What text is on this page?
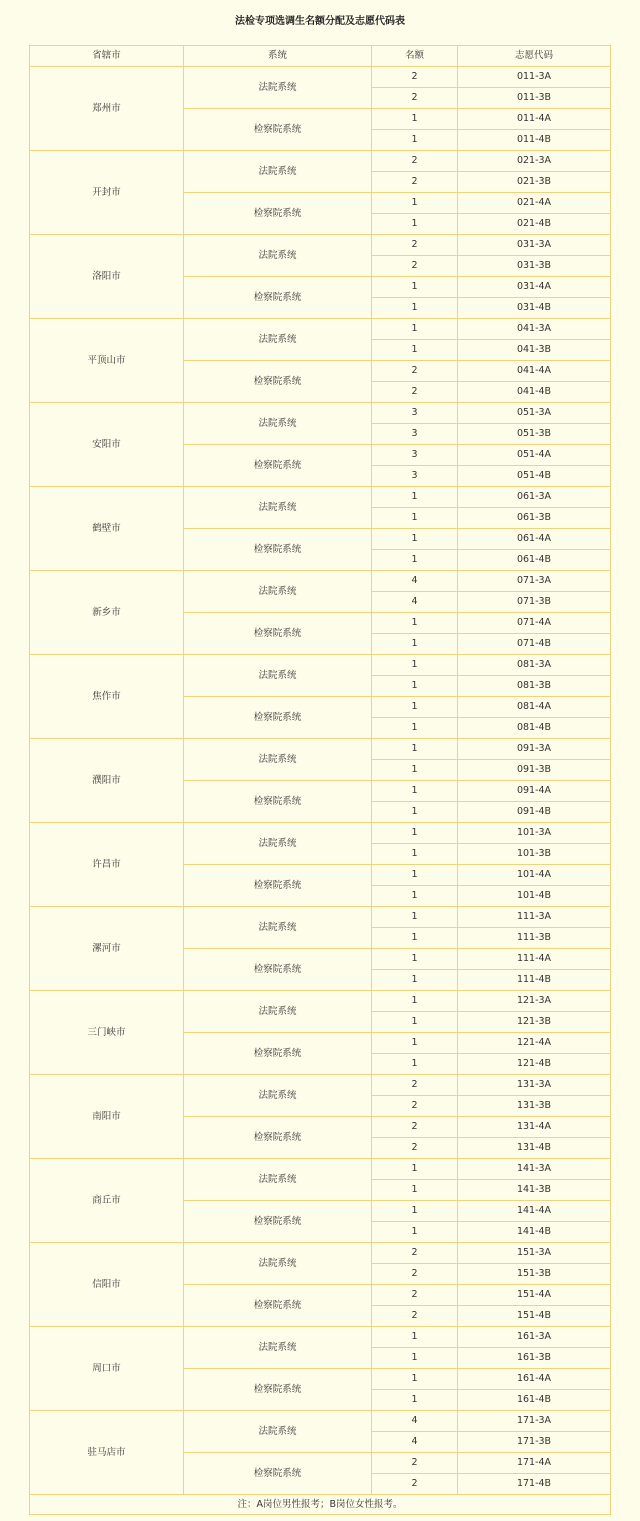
法检专项选调生名额分配及志愿代码表
省辖市	系统	名额	志愿代码
郑州市	法院系统	2	011-3A
		2	011-3B
	检察院系统	1	011-4A
		1	011-4B
开封市	法院系统	2	021-3A
		2	021-3B
	检察院系统	1	021-4A
		1	021-4B
洛阳市	法院系统	2	031-3A
		2	031-3B
	检察院系统	1	031-4A
		1	031-4B
平顶山市	法院系统	1	041-3A
		1	041-3B
	检察院系统	2	041-4A
		2	041-4B
安阳市	法院系统	3	051-3A
		3	051-3B
	检察院系统	3	051-4A
		3	051-4B
鹤壁市	法院系统	1	061-3A
		1	061-3B
	检察院系统	1	061-4A
		1	061-4B
新乡市	法院系统	4	071-3A
		4	071-3B
	检察院系统	1	071-4A
		1	071-4B
焦作市	法院系统	1	081-3A
		1	081-3B
	检察院系统	1	081-4A
		1	081-4B
濮阳市	法院系统	1	091-3A
		1	091-3B
	检察院系统	1	091-4A
		1	091-4B
许昌市	法院系统	1	101-3A
		1	101-3B
	检察院系统	1	101-4A
		1	101-4B
漯河市	法院系统	1	111-3A
		1	111-3B
	检察院系统	1	111-4A
		1	111-4B
三门峡市	法院系统	1	121-3A
		1	121-3B
	检察院系统	1	121-4A
		1	121-4B
南阳市	法院系统	2	131-3A
		2	131-3B
	检察院系统	2	131-4A
		2	131-4B
商丘市	法院系统	1	141-3A
		1	141-3B
	检察院系统	1	141-4A
		1	141-4B
信阳市	法院系统	2	151-3A
		2	151-3B
	检察院系统	2	151-4A
		2	151-4B
周口市	法院系统	1	161-3A
		1	161-3B
	检察院系统	1	161-4A
		1	161-4B
驻马店市	法院系统	4	171-3A
		4	171-3B
	检察院系统	2	171-4A
		2	171-4B
注：A岗位男性报考；B岗位女性报考。			
